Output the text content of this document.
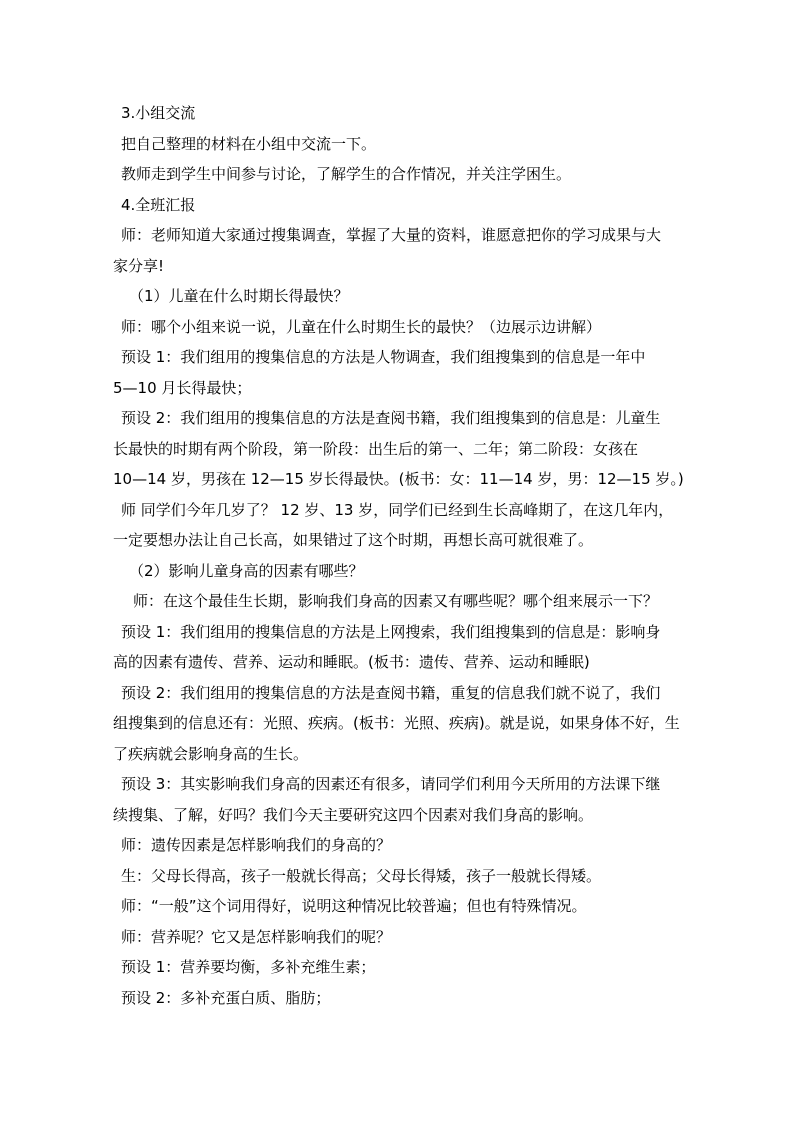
3.小组交流
把自己整理的材料在小组中交流一下。
教师走到学生中间参与讨论，了解学生的合作情况，并关注学困生。
4.全班汇报
师：老师知道大家通过搜集调查，掌握了大量的资料，谁愿意把你的学习成果与大
家分享!
（1）儿童在什么时期长得最快？
师：哪个小组来说一说，儿童在什么时期生长的最快？（边展示边讲解）
预设 1：我们组用的搜集信息的方法是人物调查，我们组搜集到的信息是一年中
5—10 月长得最快；
预设 2：我们组用的搜集信息的方法是查阅书籍，我们组搜集到的信息是：儿童生
长最快的时期有两个阶段，第一阶段：出生后的第一、二年；第二阶段：女孩在
10—14 岁，男孩在 12—15 岁长得最快。(板书：女：11—14 岁，男：12—15 岁。)
师 同学们今年几岁了？ 12 岁、13 岁，同学们已经到生长高峰期了，在这几年内，
一定要想办法让自己长高，如果错过了这个时期，再想长高可就很难了。
（2）影响儿童身高的因素有哪些？
师：在这个最佳生长期，影响我们身高的因素又有哪些呢？哪个组来展示一下？
预设 1：我们组用的搜集信息的方法是上网搜索，我们组搜集到的信息是：影响身
高的因素有遗传、营养、运动和睡眠。(板书：遗传、营养、运动和睡眠)
预设 2：我们组用的搜集信息的方法是查阅书籍，重复的信息我们就不说了，我们
组搜集到的信息还有：光照、疾病。(板书：光照、疾病)。就是说，如果身体不好，生
了疾病就会影响身高的生长。
预设 3：其实影响我们身高的因素还有很多，请同学们利用今天所用的方法课下继
续搜集、了解，好吗？我们今天主要研究这四个因素对我们身高的影响。
师：遗传因素是怎样影响我们的身高的？
生：父母长得高，孩子一般就长得高；父母长得矮，孩子一般就长得矮。
师：“一般”这个词用得好，说明这种情况比较普遍；但也有特殊情况。
师：营养呢？它又是怎样影响我们的呢？
预设 1：营养要均衡，多补充维生素；
预设 2：多补充蛋白质、脂肪；
